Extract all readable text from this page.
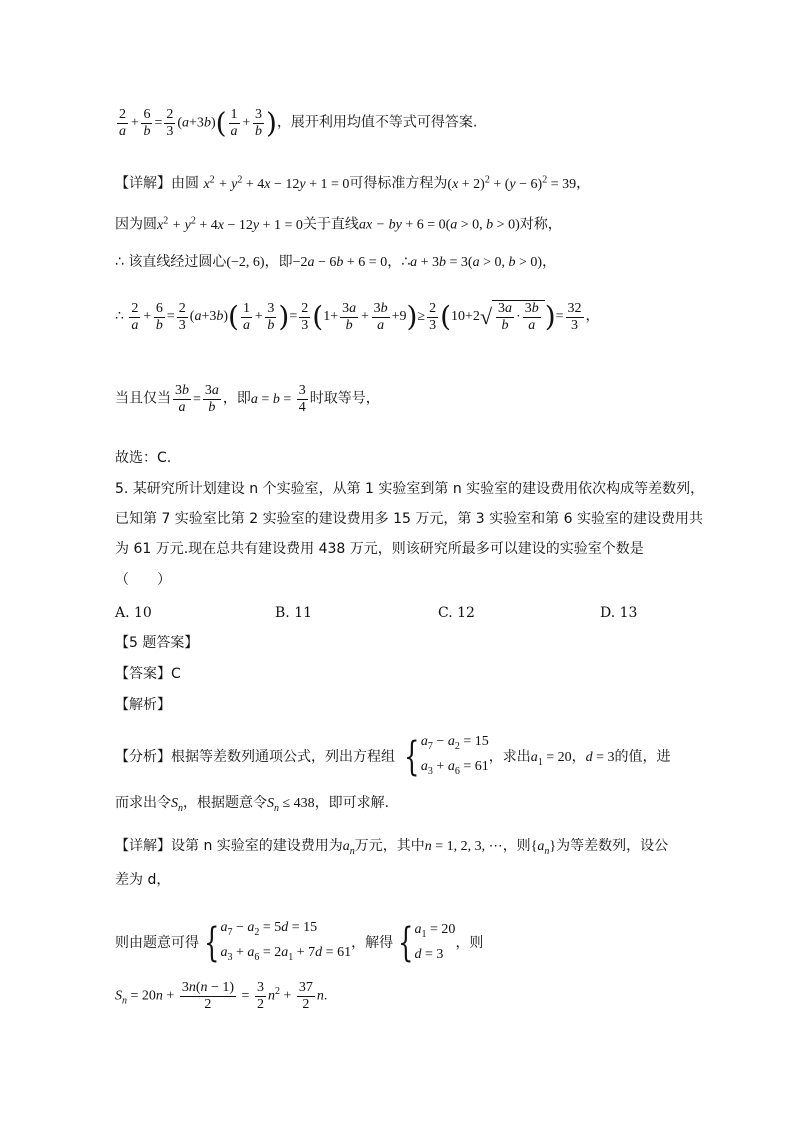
$\frac{2}{a} + \frac{6}{b} = \frac{2}{3} (a+3b)( \frac{1}{a} + \frac{3}{b}$ )，展开利用均值不等式可得答案.
【详解】由圆 $x^2 + y^2 + 4x - 12y + 1 = 0$可得标准方程为$(x + 2)^2 + (y - 6)^2 = 39$，
因为圆$x^2 + y^2 + 4x - 12y + 1 = 0$关于直线ax − by + 6 = 0(a > 0, b > 0)对称，
∴ 该直线经过圆心(−2, 6)，即−2a − 6b + 6 = 0，∴a + 3b = 3(a > 0, b > 0)，
∴ $\frac{2}{a} + \frac{6}{b} = \frac{2}{3} (a+3b)( \frac{1}{a} + \frac{3}{b}$ )= $\frac{2}{3} (1+ \frac{3a}{b} + \frac{3b}{a} +9)\ge \frac{2}{3} (10+2√ \frac{3a}{b} \cdot \frac{3b}{a}$ )= $\frac{32}{3}$ ，
当且仅当 $\frac{3b}{a} = \frac{3a}{b}$ ，即$a = b = \frac{3}{4}$ 时取等号，
故选：C.
5. 某研究所计划建设 n 个实验室，从第 1 实验室到第 n 实验室的建设费用依次构成等差数列，
已知第 7 实验室比第 2 实验室的建设费用多 15 万元，第 3 实验室和第 6 实验室的建设费用共
为 61 万元.现在总共有建设费用 438 万元，则该研究所最多可以建设的实验室个数是
（　　）
A. 10	B. 11	C. 12	D. 13
【5 题答案】
【答案】C
【解析】
【分析】根据等差数列通项公式，列出方程组 { $a_7 - a_2 = 15$
$a_3 + a_6 = 61$
，求出$a_1 = 20$，d = 3的值，进
而求出令$S_n$，根据题意令$S_n \le 438$，即可求解.
【详解】设第 n 实验室的建设费用为$a_n$万元，其中n = 1, 2, 3, ⋯，则$\{a_n\}$为等差数列，设公
差为 d，
则由题意可得 { $a_7 - a_2 = 5d = 15$
$a_3 + a_6 = 2a_1 + 7d = 61$
，解得 { $a_1 = 20$
d = 3
，则
$S_n = 20n + \frac{3n(n - 1)}{2} = \frac{3}{2} n^2 + \frac{37}{2} n$.
